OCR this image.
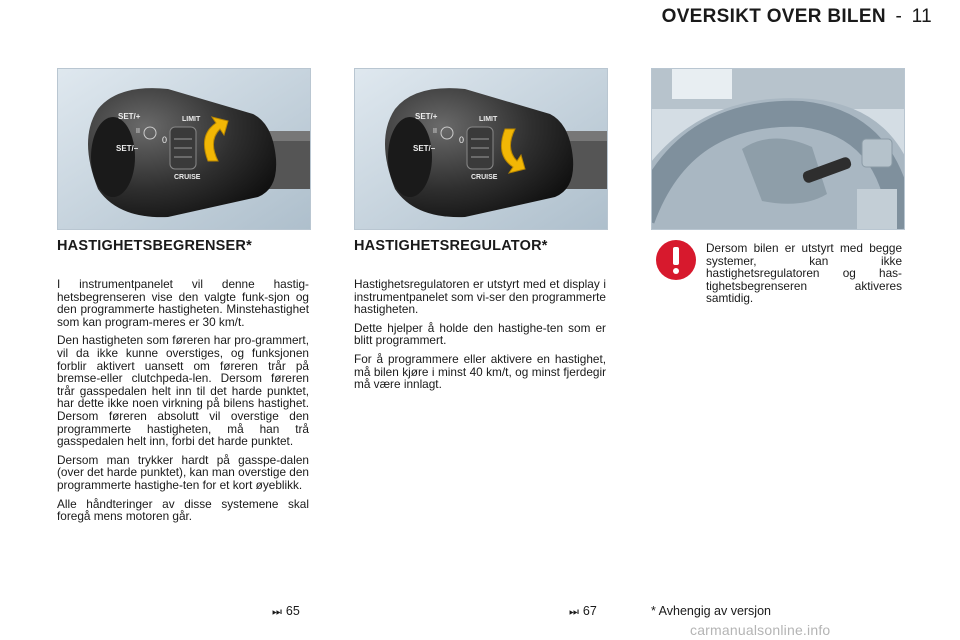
OVERSIKT OVER BILEN - 11
SET/+
SET/–
II
0
LIMIT
CRUISE
SET/+
SET/–
II
0
LIMIT
CRUISE
HASTIGHETSBEGRENSER*

I instrumentpanelet vil denne hastig-hetsbegrenseren vise den valgte funk-sjon og den programmerte hastigheten. Minstehastighet som kan program-meres er 30 km/t.

Den hastigheten som føreren har pro-grammert, vil da ikke kunne overstiges, og funksjonen forblir aktivert uansett om føreren trår på bremse-eller clutchpeda-len. Dersom føreren trår gasspedalen helt inn til det harde punktet, har dette ikke noen virkning på bilens hastighet. Dersom føreren absolutt vil overstige den programmerte hastigheten, må han trå gasspedalen helt inn, forbi det harde punktet.

Dersom man trykker hardt på gasspe-dalen (over det harde punktet), kan man overstige den programmerte hastighe-ten for et kort øyeblikk.

Alle håndteringer av disse systemene skal foregå mens motoren går.

HASTIGHETSREGULATOR*

Hastighetsregulatoren er utstyrt med et display i instrumentpanelet som vi-ser den programmerte hastigheten.

Dette hjelper å holde den hastighe-ten som er blitt programmert.

For å programmere eller aktivere en hastighet, må bilen kjøre i minst 40 km/t, og minst fjerdegir må være innlagt.

Dersom bilen er utstyrt med begge systemer, kan ikke hastighetsregulatoren og has-tighetsbegrenseren aktiveres samtidig.
⏭ 65	⏭ 67	* Avhengig av versjon
carmanualsonline.info
